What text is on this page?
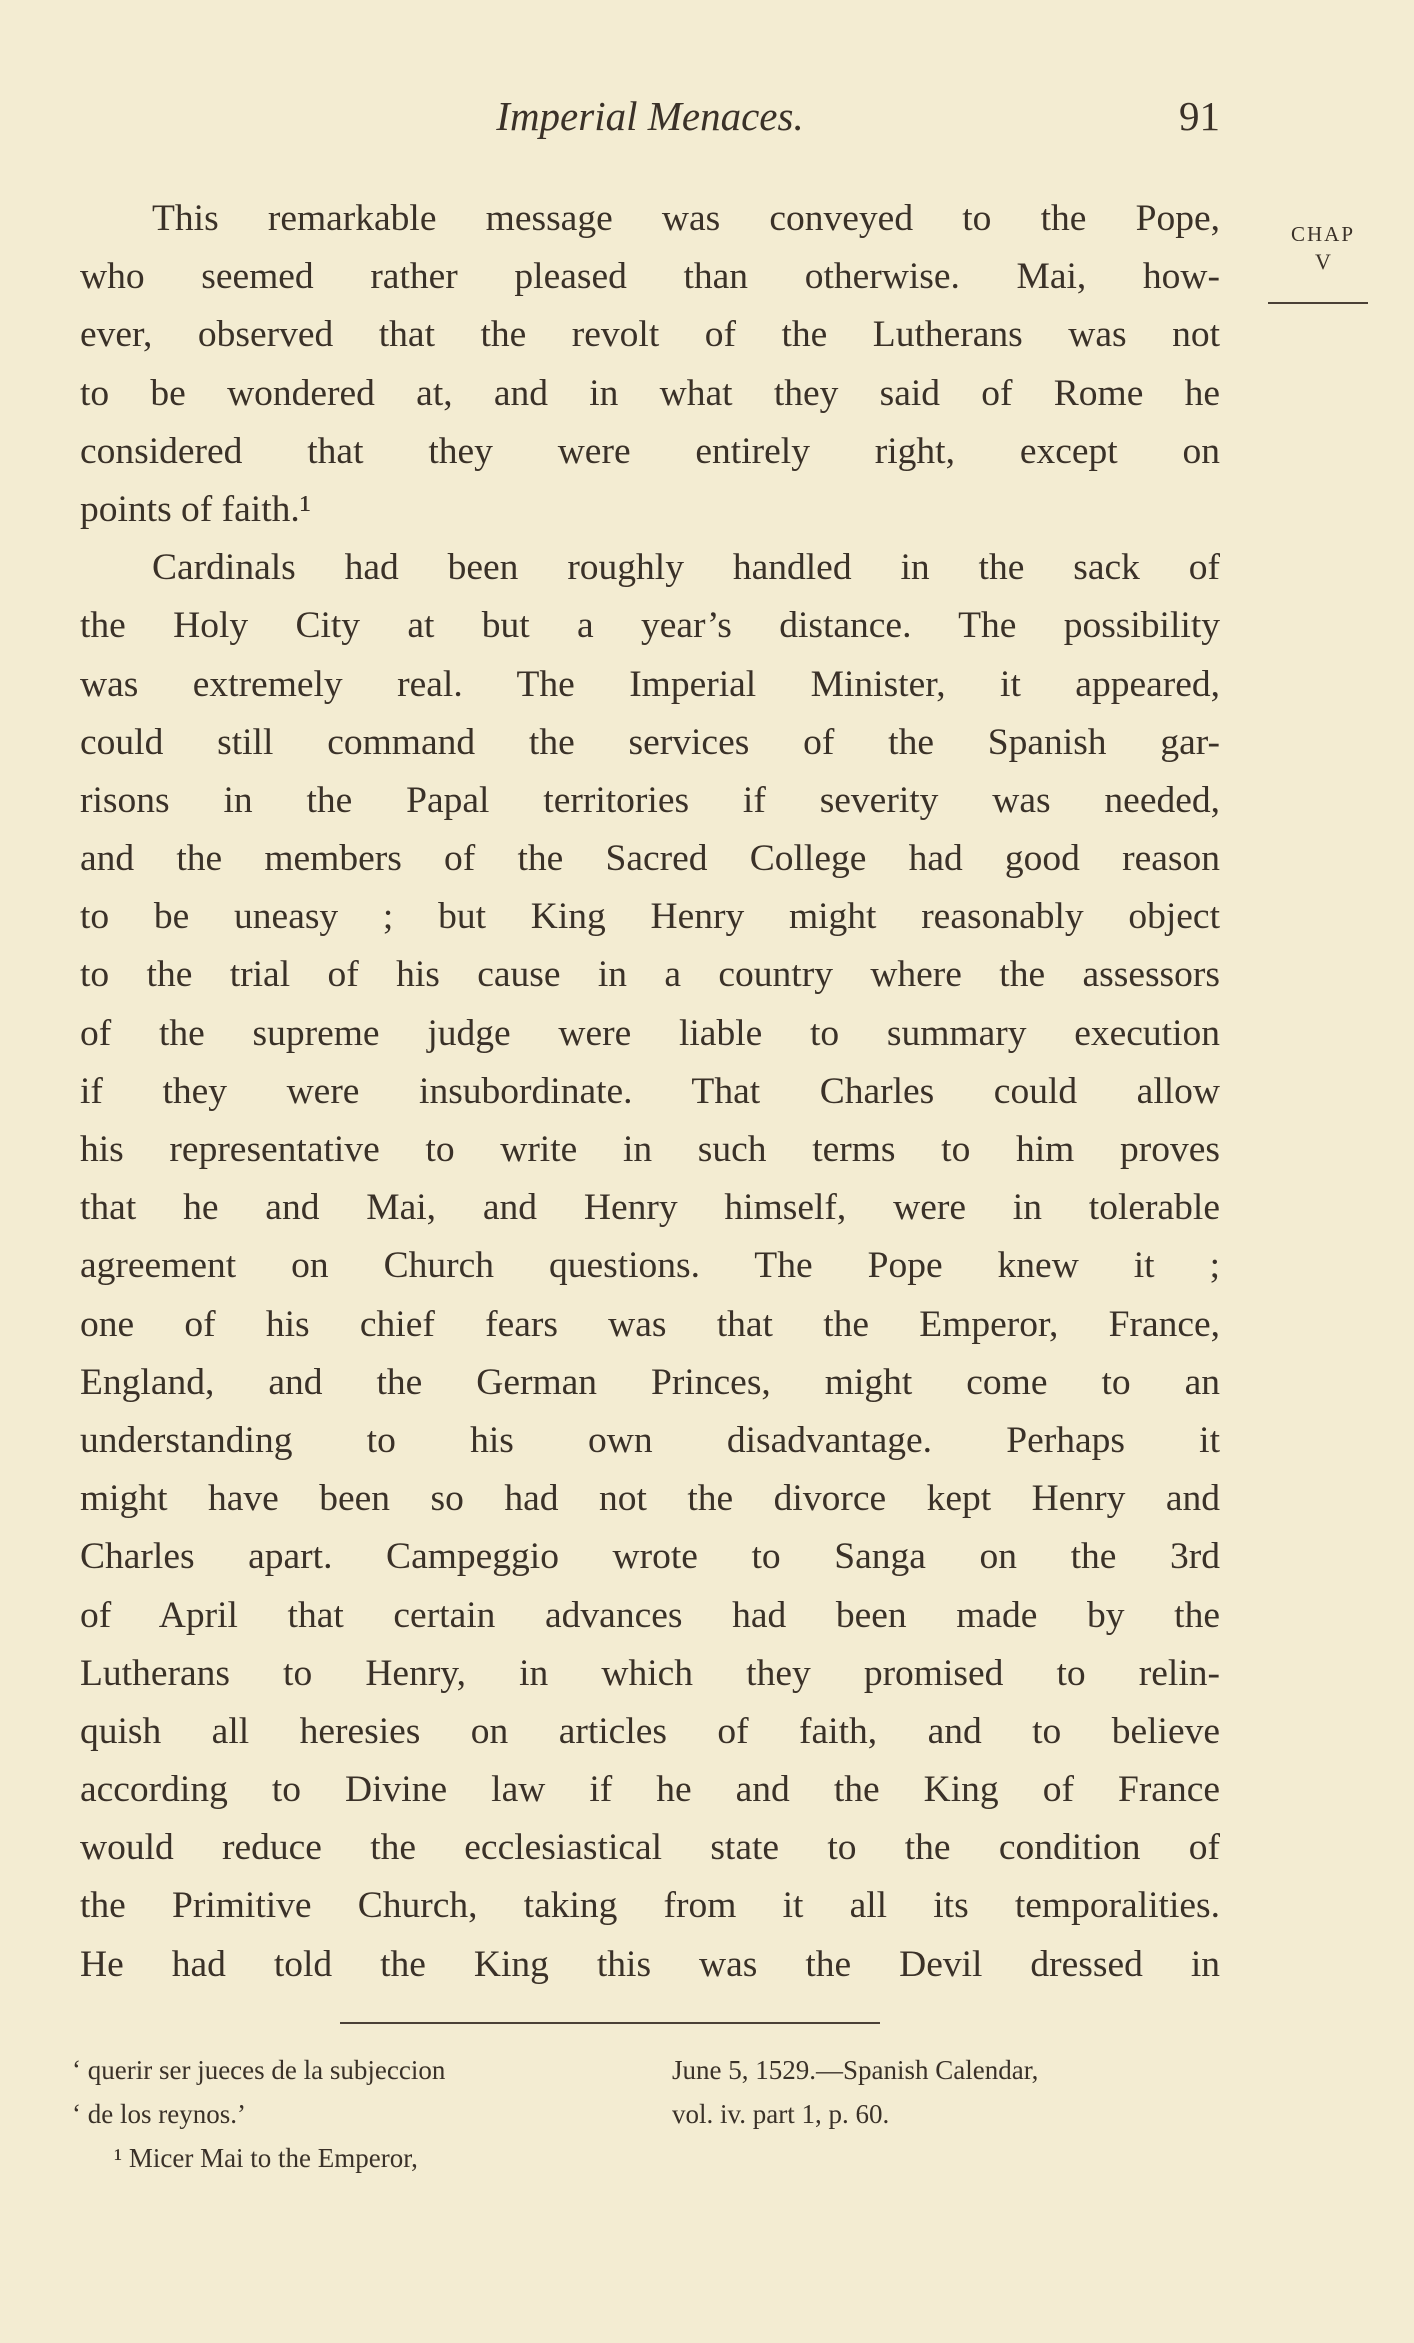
Imperial Menaces.	91
CHAP
V
This remarkable message was conveyed to the Pope,
who seemed rather pleased than otherwise. Mai, how-
ever, observed that the revolt of the Lutherans was not
to be wondered at, and in what they said of Rome he
considered that they were entirely right, except on
points of faith.¹
Cardinals had been roughly handled in the sack of
the Holy City at but a year’s distance. The possibility
was extremely real. The Imperial Minister, it appeared,
could still command the services of the Spanish gar-
risons in the Papal territories if severity was needed,
and the members of the Sacred College had good reason
to be uneasy ; but King Henry might reasonably object
to the trial of his cause in a country where the assessors
of the supreme judge were liable to summary execution
if they were insubordinate. That Charles could allow
his representative to write in such terms to him proves
that he and Mai, and Henry himself, were in tolerable
agreement on Church questions. The Pope knew it ;
one of his chief fears was that the Emperor, France,
England, and the German Princes, might come to an
understanding to his own disadvantage. Perhaps it
might have been so had not the divorce kept Henry and
Charles apart. Campeggio wrote to Sanga on the 3rd
of April that certain advances had been made by the
Lutherans to Henry, in which they promised to relin-
quish all heresies on articles of faith, and to believe
according to Divine law if he and the King of France
would reduce the ecclesiastical state to the condition of
the Primitive Church, taking from it all its temporalities.
He had told the King this was the Devil dressed in
‘ querir ser jueces de la subjeccion	June 5, 1529.—Spanish Calendar,
‘ de los reynos.’	vol. iv. part 1, p. 60.
¹ Micer Mai to the Emperor,
